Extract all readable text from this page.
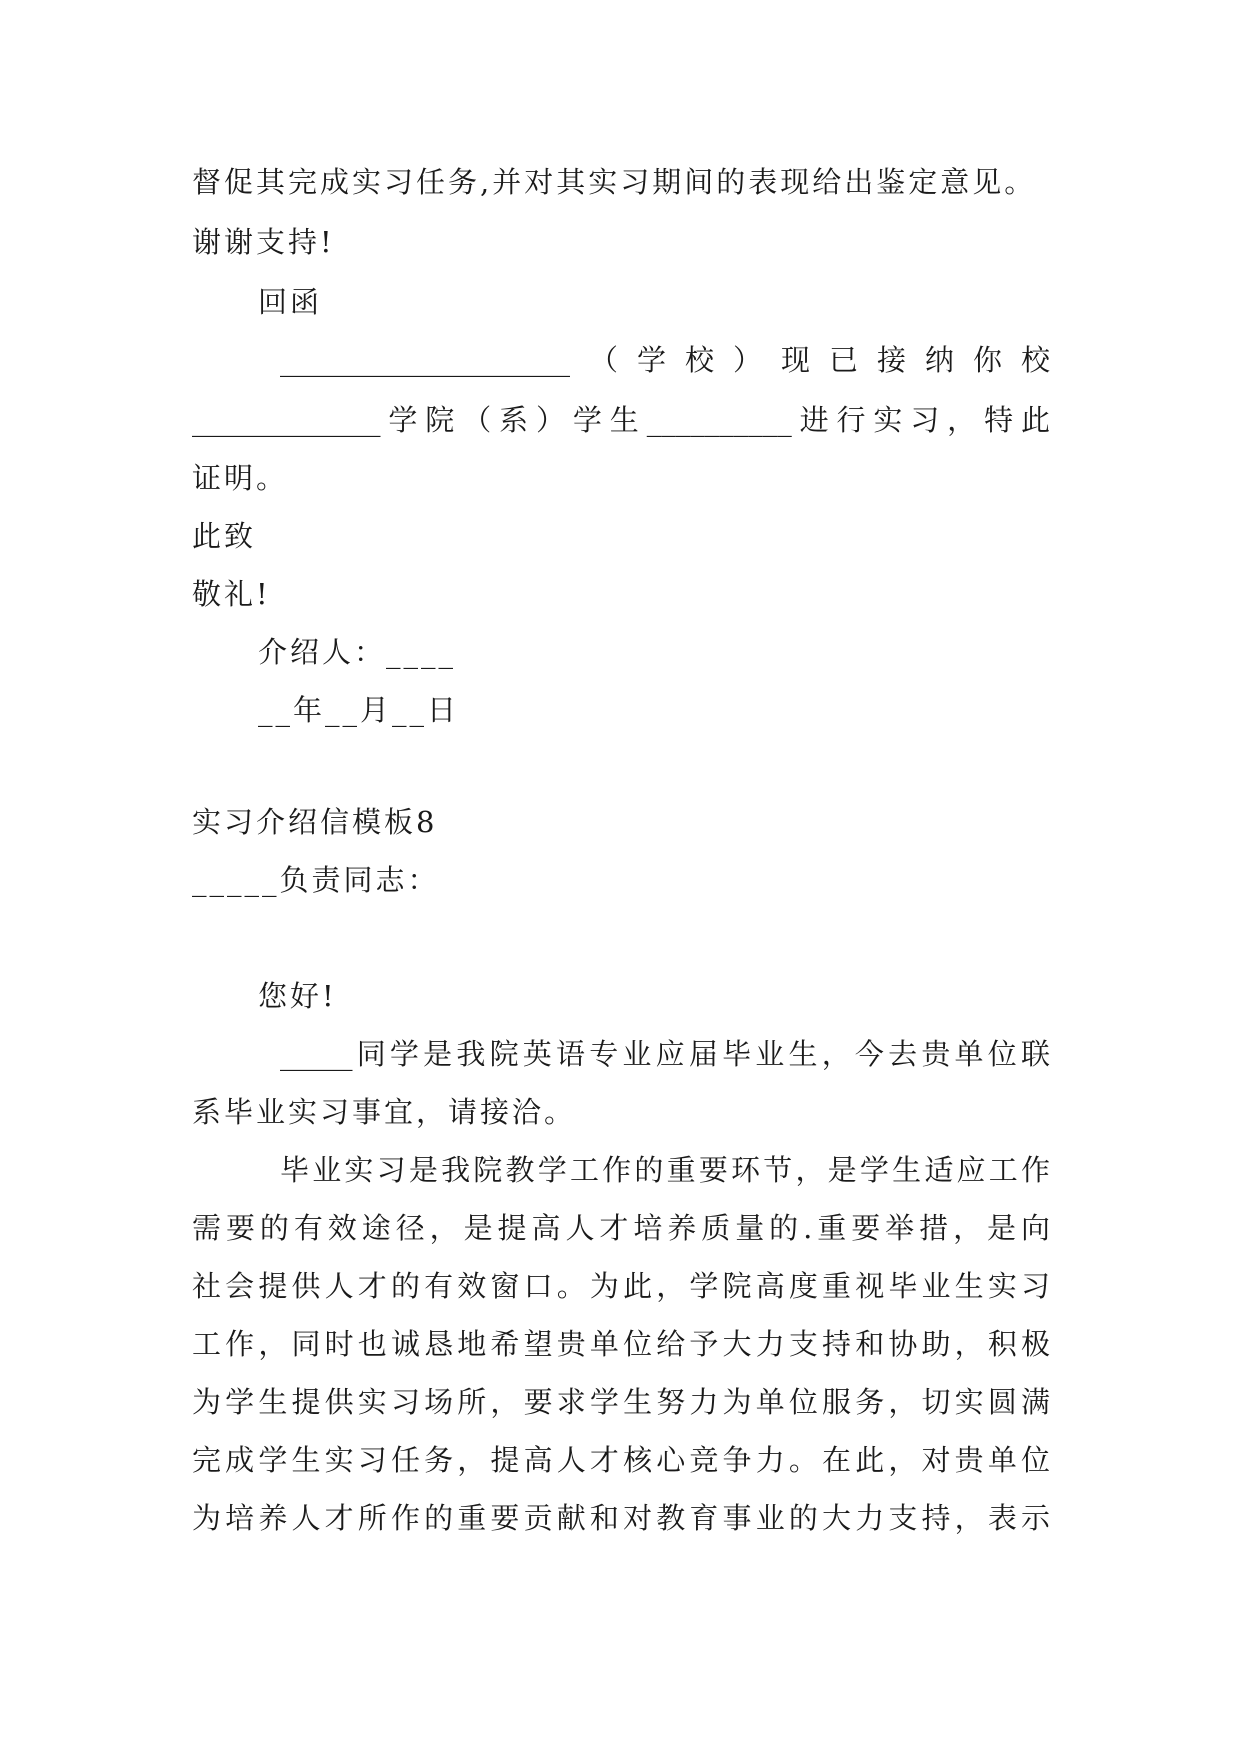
督促其完成实习任务,并对其实习期间的表现给出鉴定意见。
谢谢支持!
回函
____________________（学校）现已接纳你校
_____________学院（系）学生__________进行实习，特此
证明。
此致
敬礼!
介绍人：____
__年__月__日
实习介绍信模板8
_____负责同志：
您好!
_____同学是我院英语专业应届毕业生，今去贵单位联
系毕业实习事宜，请接洽。
毕业实习是我院教学工作的重要环节，是学生适应工作
需要的有效途径，是提高人才培养质量的.重要举措，是向
社会提供人才的有效窗口。为此，学院高度重视毕业生实习
工作，同时也诚恳地希望贵单位给予大力支持和协助，积极
为学生提供实习场所，要求学生努力为单位服务，切实圆满
完成学生实习任务，提高人才核心竞争力。在此，对贵单位
为培养人才所作的重要贡献和对教育事业的大力支持，表示
